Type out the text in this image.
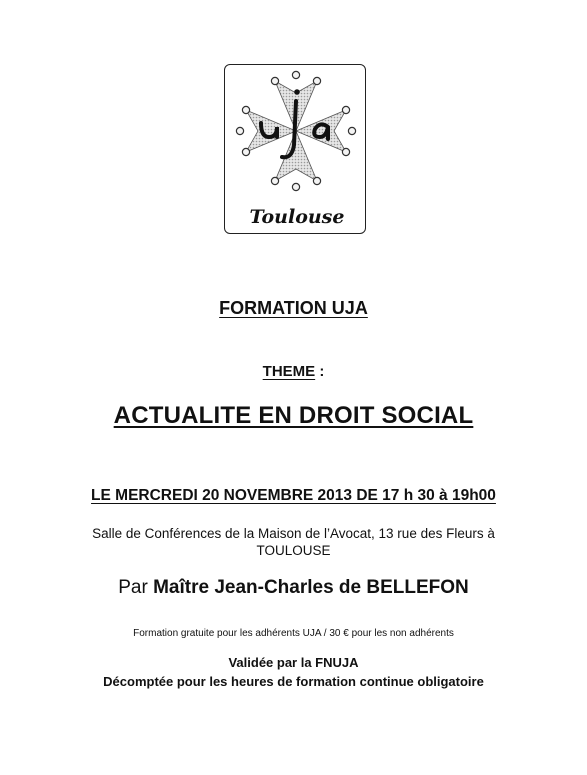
Toulouse
FORMATION UJA
THEME :
ACTUALITE EN DROIT SOCIAL
LE MERCREDI 20 NOVEMBRE 2013 DE 17 h 30 à 19h00
Salle de Conférences de la Maison de l’Avocat, 13 rue des Fleurs à
TOULOUSE
Par Maître Jean-Charles de BELLEFON
Formation gratuite pour les adhérents UJA / 30 € pour les non adhérents
Validée par la FNUJA
Décomptée pour les heures de formation continue obligatoire
